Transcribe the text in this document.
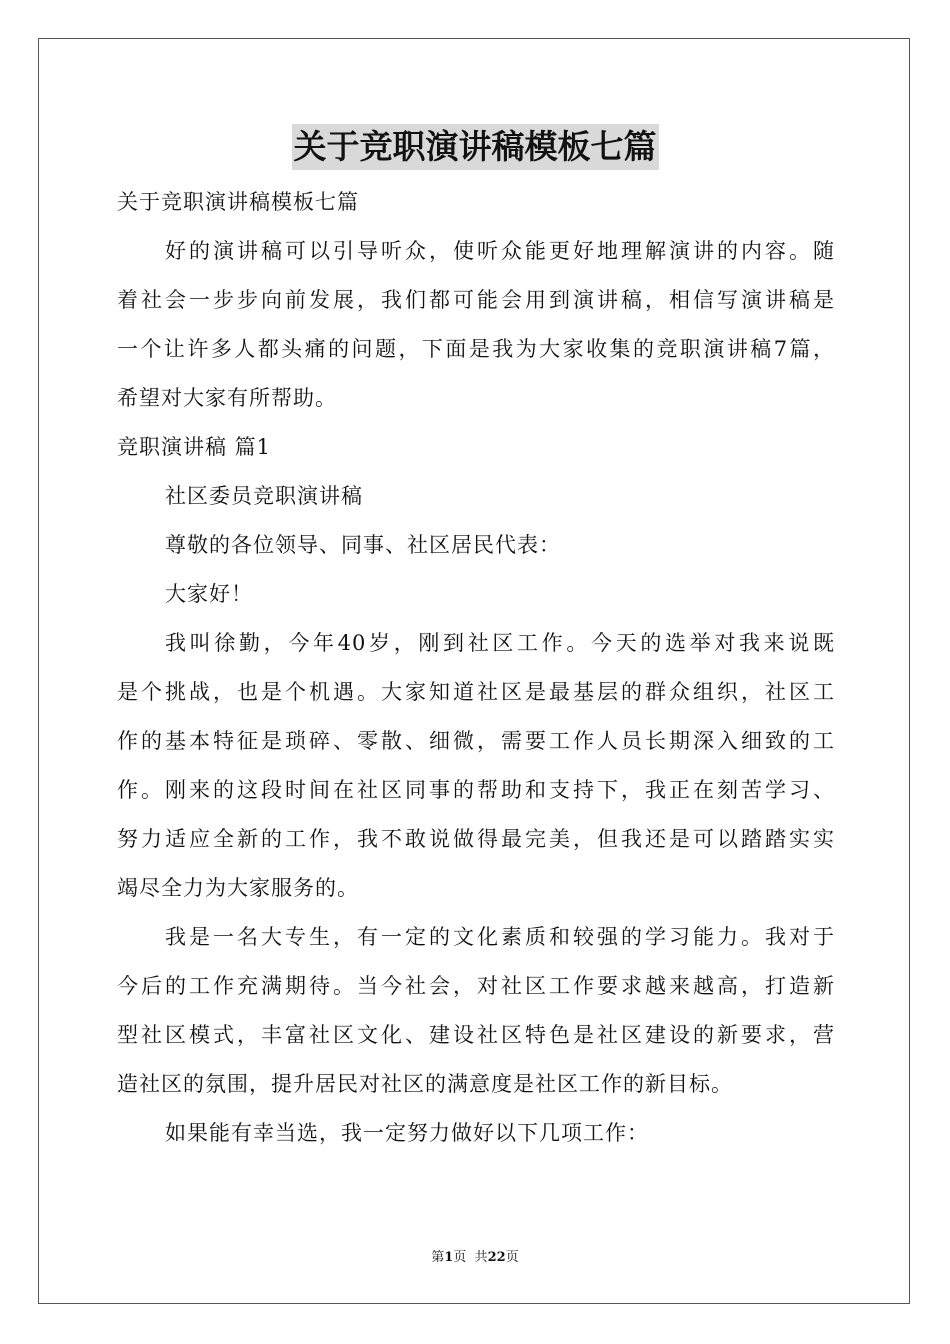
关于竞职演讲稿模板七篇
关于竞职演讲稿模板七篇
好的演讲稿可以引导听众，使听众能更好地理解演讲的内容。随
着社会一步步向前发展，我们都可能会用到演讲稿，相信写演讲稿是
一个让许多人都头痛的问题，下面是我为大家收集的竞职演讲稿7篇，
希望对大家有所帮助。
竞职演讲稿 篇1
社区委员竞职演讲稿
尊敬的各位领导、同事、社区居民代表：
大家好！
我叫徐勤，今年40岁，刚到社区工作。今天的选举对我来说既
是个挑战，也是个机遇。大家知道社区是最基层的群众组织，社区工
作的基本特征是琐碎、零散、细微，需要工作人员长期深入细致的工
作。刚来的这段时间在社区同事的帮助和支持下，我正在刻苦学习、
努力适应全新的工作，我不敢说做得最完美，但我还是可以踏踏实实
竭尽全力为大家服务的。
我是一名大专生，有一定的文化素质和较强的学习能力。我对于
今后的工作充满期待。当今社会，对社区工作要求越来越高，打造新
型社区模式，丰富社区文化、建设社区特色是社区建设的新要求，营
造社区的氛围，提升居民对社区的满意度是社区工作的新目标。
如果能有幸当选，我一定努力做好以下几项工作：
第1页  共22页
